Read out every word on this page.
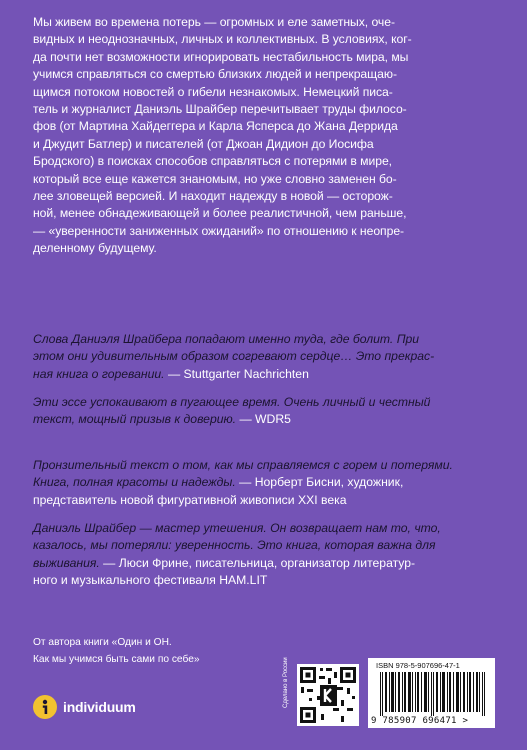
Мы живем во времена потерь — огромных и еле заметных, оче-
видных и неоднозначных, личных и коллективных. В условиях, ког-
да почти нет возможности игнорировать нестабильность мира, мы
учимся справляться со смертью близких людей и непрекращаю-
щимся потоком новостей о гибели незнакомых. Немецкий писа-
тель и журналист Даниэль Шрайбер перечитывает труды филосо-
фов (от Мартина Хайдеггера и Карла Ясперса до Жана Деррида
и Джудит Батлер) и писателей (от Джоан Дидион до Иосифа
Бродского) в поисках способов справляться с потерями в мире,
который все еще кажется знаномым, но уже словно заменен бо-
лее зловещей версией. И находит надежду в новой — осторож-
ной, менее обнадеживающей и более реалистичной, чем раньше,
— «уверенности заниженных ожиданий» по отношению к неопре-
деленному будущему.
Слова Даниэля Шрайбера попадают именно туда, где болит. При
этом они удивительным образом согревают сердце… Это прекрас-
ная книга о горевании. — Stuttgarter Nachrichten
Эти эссе успокаивают в пугающее время. Очень личный и честный
текст, мощный призыв к доверию. — WDR5
Пронзительный текст о том, как мы справляемся с горем и потерями.
Книга, полная красоты и надежды. — Норберт Бисни, художник,
представитель новой фигуративной живописи XXI века
Даниэль Шрайбер — мастер утешения. Он возвращает нам то, что,
казалось, мы потеряли: уверенность. Это книга, которая важна для
выживания. — Люси Фрине, писательница, организатор литератур-
ного и музыкального фестиваля HAM.LIT
От автора книги «Один и ОН.
Как мы учимся быть сами по себе»
individuum	Сделано в России	ISBN 978-5-907696-47-1
9 785907 696471 >
